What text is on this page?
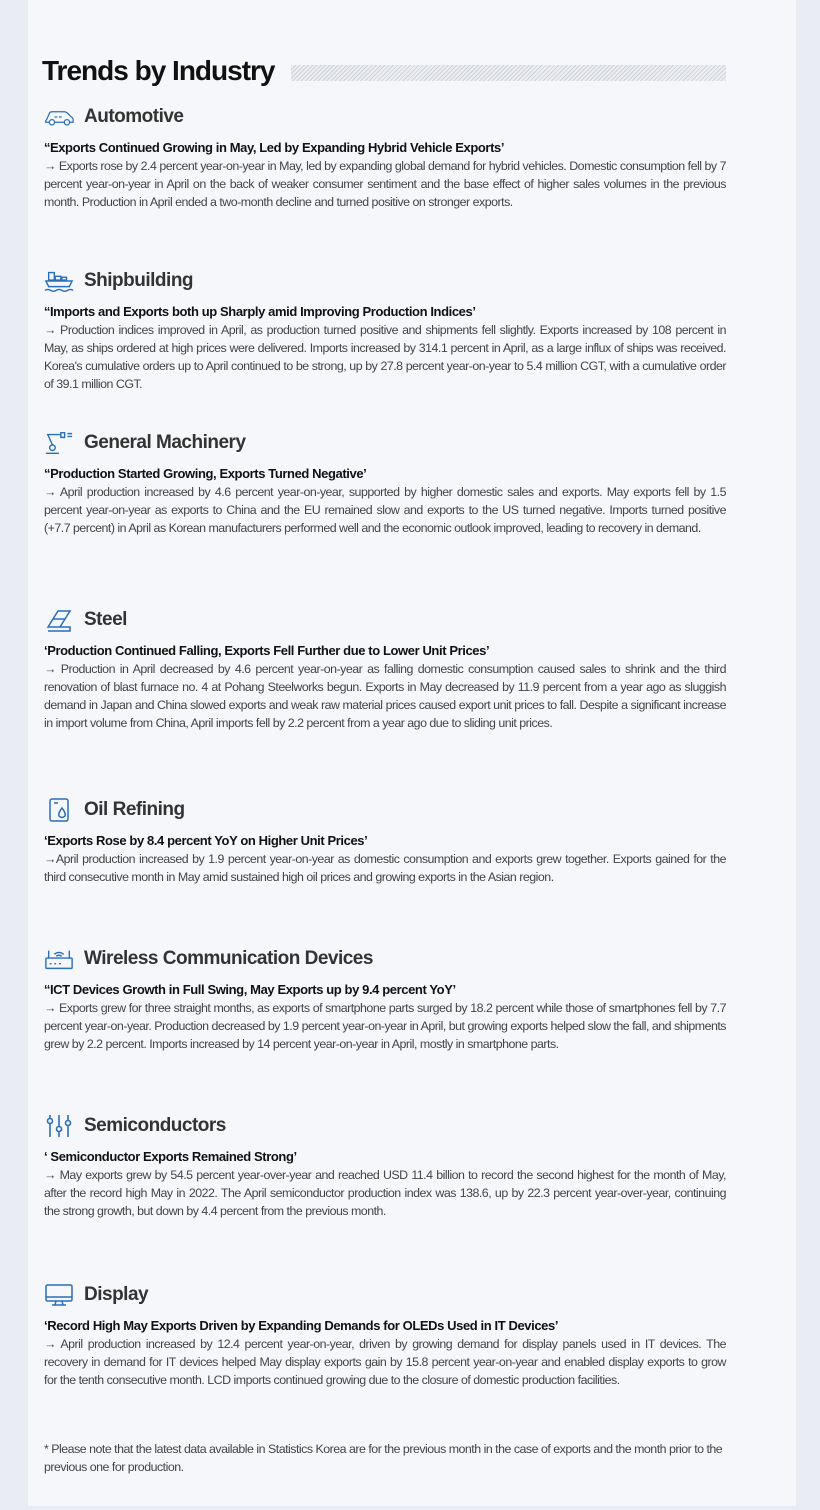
Trends by Industry
Automotive
‘‘Exports Continued Growing in May, Led by Expanding Hybrid Vehicle Exports’
→ Exports rose by 2.4 percent year-on-year in May, led by expanding global demand for hybrid vehicles. Domestic consumption fell by 7 percent year-on-year in April on the back of weaker consumer sentiment and the base effect of higher sales volumes in the previous month. Production in April ended a two-month decline and turned positive on stronger exports.
Shipbuilding
‘‘Imports and Exports both up Sharply amid Improving Production Indices’
→ Production indices improved in April, as production turned positive and shipments fell slightly. Exports increased by 108 percent in May, as ships ordered at high prices were delivered. Imports increased by 314.1 percent in April, as a large influx of ships was received. Korea's cumulative orders up to April continued to be strong, up by 27.8 percent year-on-year to 5.4 million CGT, with a cumulative order of 39.1 million CGT.
General Machinery
“Production Started Growing, Exports Turned Negative’
→ April production increased by 4.6 percent year-on-year, supported by higher domestic sales and exports. May exports fell by 1.5 percent year-on-year as exports to China and the EU remained slow and exports to the US turned negative. Imports turned positive (+7.7 percent) in April as Korean manufacturers performed well and the economic outlook improved, leading to recovery in demand.
Steel
‘Production Continued Falling, Exports Fell Further due to Lower Unit Prices’
→ Production in April decreased by 4.6 percent year-on-year as falling domestic consumption caused sales to shrink and the third renovation of blast furnace no. 4 at Pohang Steelworks begun. Exports in May decreased by 11.9 percent from a year ago as sluggish demand in Japan and China slowed exports and weak raw material prices caused export unit prices to fall. Despite a significant increase in import volume from China, April imports fell by 2.2 percent from a year ago due to sliding unit prices.
Oil Refining
‘Exports Rose by 8.4 percent YoY on Higher Unit Prices’
→April production increased by 1.9 percent year-on-year as domestic consumption and exports grew together. Exports gained for the third consecutive month in May amid sustained high oil prices and growing exports in the Asian region.
Wireless Communication Devices
‘‘ICT Devices Growth in Full Swing, May Exports up by 9.4 percent YoY’
→ Exports grew for three straight months, as exports of smartphone parts surged by 18.2 percent while those of smartphones fell by 7.7 percent year-on-year. Production decreased by 1.9 percent year-on-year in April, but growing exports helped slow the fall, and shipments grew by 2.2 percent. Imports increased by 14 percent year-on-year in April, mostly in smartphone parts.
Semiconductors
‘ Semiconductor Exports Remained Strong’
→ May exports grew by 54.5 percent year-over-year and reached USD 11.4 billion to record the second highest for the month of May, after the record high May in 2022. The April semiconductor production index was 138.6, up by 22.3 percent year-over-year, continuing the strong growth, but down by 4.4 percent from the previous month.
Display
‘Record High May Exports Driven by Expanding Demands for OLEDs Used in IT Devices’
→ April production increased by 12.4 percent year-on-year, driven by growing demand for display panels used in IT devices. The recovery in demand for IT devices helped May display exports gain by 15.8 percent year-on-year and enabled display exports to grow for the tenth consecutive month. LCD imports continued growing due to the closure of domestic production facilities.
* Please note that the latest data available in Statistics Korea are for the previous month in the case of exports and the month prior to the previous one for production.
